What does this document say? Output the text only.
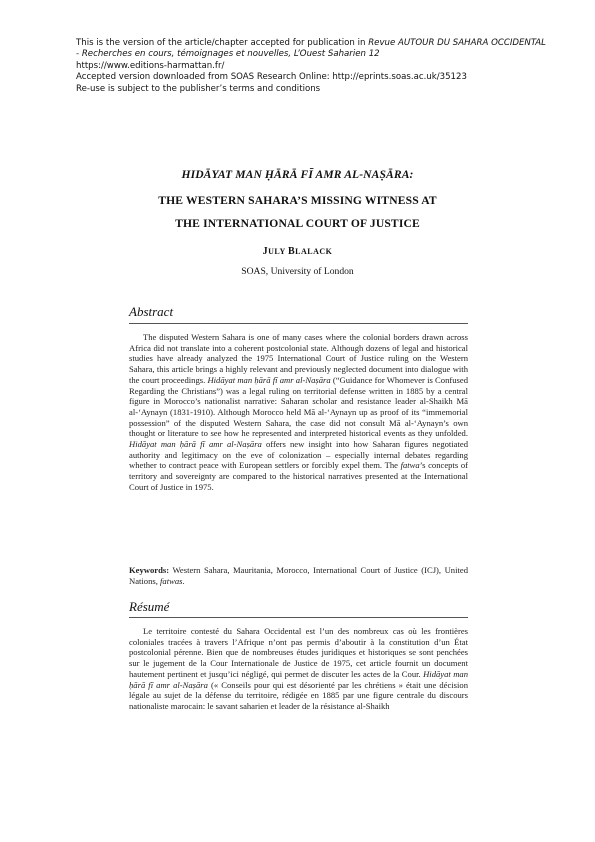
This is the version of the article/chapter accepted for publication in Revue AUTOUR DU SAHARA OCCIDENTAL
- Recherches en cours, témoignages et nouvelles, L’Ouest Saharien 12
https://www.editions-harmattan.fr/
Accepted version downloaded from SOAS Research Online: http://eprints.soas.ac.uk/35123
Re-use is subject to the publisher’s terms and conditions
HIDĀYAT MAN ḤĀRĀ FĪ AMR AL-NAṢĀRA:
THE WESTERN SAHARA’S MISSING WITNESS AT
THE INTERNATIONAL COURT OF JUSTICE
JULY BLALACK
SOAS, University of London
Abstract

The disputed Western Sahara is one of many cases where the colonial borders drawn across Africa did not translate into a coherent postcolonial state. Although dozens of legal and historical studies have already analyzed the 1975 International Court of Justice ruling on the Western Sahara, this article brings a highly relevant and previously neglected document into dialogue with the court proceedings. Hidāyat man ḥārā fī amr al-Naṣāra (“Guidance for Whomever is Confused Regarding the Christians”) was a legal ruling on territorial defense written in 1885 by a central figure in Morocco’s nationalist narrative: Saharan scholar and resistance leader al-Shaikh Mā al-‘Aynayn (1831-1910). Although Morocco held Mā al-‘Aynayn up as proof of its “immemorial possession” of the disputed Western Sahara, the case did not consult Mā al-‘Aynayn’s own thought or literature to see how he represented and interpreted historical events as they unfolded. Hidāyat man ḥārā fī amr al-Naṣāra offers new insight into how Saharan figures negotiated authority and legitimacy on the eve of colonization – especially internal debates regarding whether to contract peace with European settlers or forcibly expel them. The fatwa’s concepts of territory and sovereignty are compared to the historical narratives presented at the International Court of Justice in 1975.

Keywords: Western Sahara, Mauritania, Morocco, International Court of Justice (ICJ), United Nations, fatwas.
Résumé

Le territoire contesté du Sahara Occidental est l’un des nombreux cas où les frontières coloniales tracées à travers l’Afrique n’ont pas permis d’aboutir à la constitution d’un État postcolonial pérenne. Bien que de nombreuses études juridiques et historiques se sont penchées sur le jugement de la Cour Internationale de Justice de 1975, cet article fournit un document hautement pertinent et jusqu’ici négligé, qui permet de discuter les actes de la Cour. Hidāyat man ḥārā fī amr al-Naṣāra (« Conseils pour qui est désorienté par les chrétiens » était une décision légale au sujet de la défense du territoire, rédigée en 1885 par une figure centrale du discours nationaliste marocain: le savant saharien et leader de la résistance al-Shaikh
